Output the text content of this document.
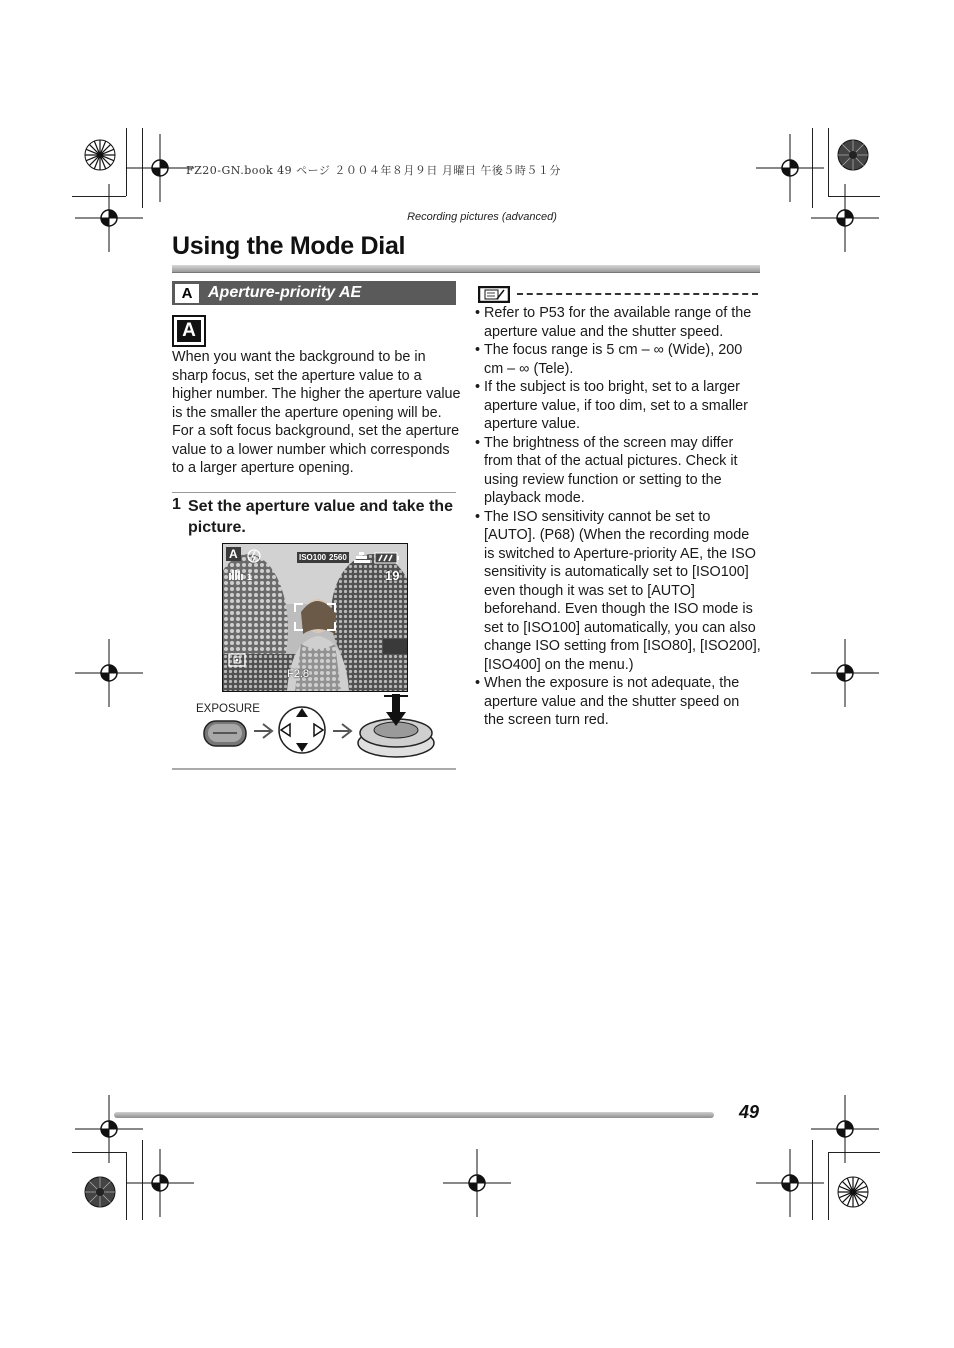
FZ20-GN.book 49 ページ ２００４年８月９日 月曜日 午後５時５１分
Recording pictures (advanced)
Using the Mode Dial
A Aperture-priority AE
A

When you want the background to be in sharp focus, set the aperture value to a higher number. The higher the aperture value is the smaller the aperture opening will be. For a soft focus background, set the aperture value to a lower number which corresponds to a larger aperture opening.

1 Set the aperture value and take the picture.

A	ISO100 2560
1	19
F2.8
EXPOSURE
• Refer to P53 for the available range of the aperture value and the shutter speed.
• The focus range is 5 cm – ∞ (Wide), 200 cm – ∞ (Tele).
• If the subject is too bright, set to a larger aperture value, if too dim, set to a smaller aperture value.
• The brightness of the screen may differ from that of the actual pictures. Check it using review function or setting to the playback mode.
• The ISO sensitivity cannot be set to [AUTO]. (P68) (When the recording mode is switched to Aperture-priority AE, the ISO sensitivity is automatically set to [ISO100] even though it was set to [AUTO] beforehand. Even though the ISO mode is set to [ISO100] automatically, you can also change ISO setting from [ISO80], [ISO200], [ISO400] on the menu.)
• When the exposure is not adequate, the aperture value and the shutter speed on the screen turn red.
49
